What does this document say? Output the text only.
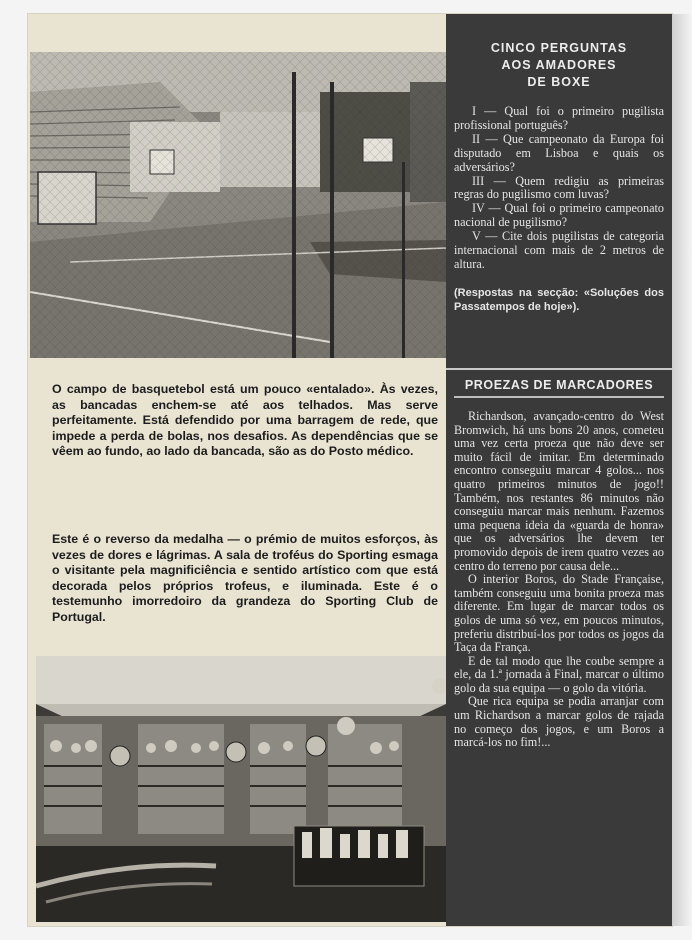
O campo de basquetebol está um pouco «entalado». Às vezes, as bancadas enchem-se até aos telhados. Mas serve perfeitamente. Está defendido por uma barragem de rede, que impede a perda de bolas, nos desafios. As dependências que se vêem ao fundo, ao lado da bancada, são as do Posto médico.
Este é o reverso da medalha — o prémio de muitos esforços, às vezes de dores e lágrimas. A sala de troféus do Sporting esmaga o visitante pela magnificiência e sentido artístico com que está decorada pelos próprios trofeus, e iluminada. Este é o testemunho imorredoiro da grandeza do Sporting Club de Portugal.

CINCO PERGUNTAS

AOS AMADORES

DE BOXE

I — Qual foi o primeiro pugilista profissional português?

II — Que campeonato da Europa foi disputado em Lisboa e quais os adversários?

III — Quem redigiu as primeiras regras do pugilismo com luvas?

IV — Qual foi o primeiro campeonato nacional de pugilismo?

V — Cite dois pugilistas de categoria internacional com mais de 2 metros de altura.

(Respostas na secção: «Soluções dos Passatempos de hoje»).

PROEZAS DE MARCADORES

Richardson, avançado-centro do West Bromwich, há uns bons 20 anos, cometeu uma vez certa proeza que não deve ser muito fácil de imitar. Em determinado encontro conseguiu marcar 4 golos... nos quatro primeiros minutos de jogo!! Também, nos restantes 86 minutos não conseguiu marcar mais nenhum. Fazemos uma pequena ideia da «guarda de honra» que os adversários lhe devem ter promovido depois de irem quatro vezes ao centro do terreno por causa dele...

O interior Boros, do Stade Française, também conseguiu uma bonita proeza mas diferente. Em lugar de marcar todos os golos de uma só vez, em poucos minutos, preferiu distribuí-los por todos os jogos da Taça da França.

E de tal modo que lhe coube sempre a ele, da 1.ª jornada à Final, marcar o último golo da sua equipa — o golo da vitória.

Que rica equipa se podia arranjar com um Richardson a marcar golos de rajada no começo dos jogos, e um Boros a marcá-los no fim!...
